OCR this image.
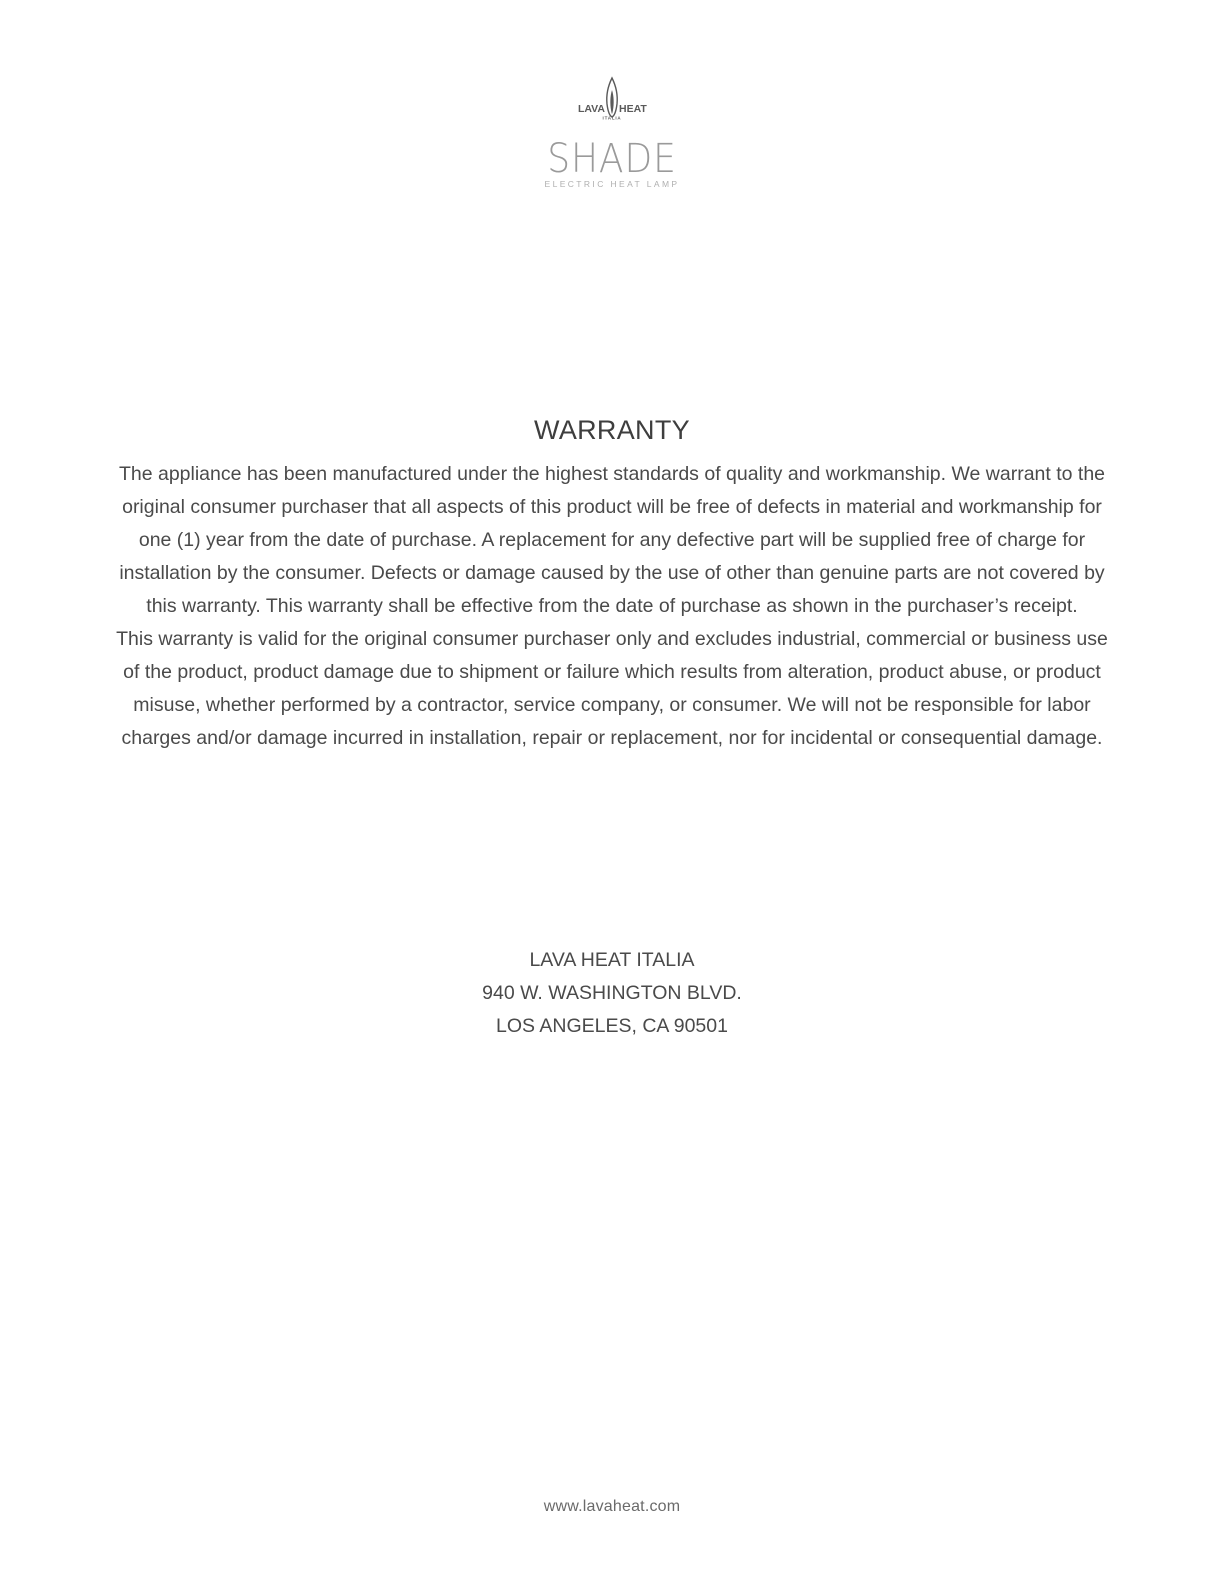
LAVA HEAT
ITALIA
SHADE
ELECTRIC HEAT LAMP
WARRANTY

The appliance has been manufactured under the highest standards of quality and workmanship. We warrant to the original consumer purchaser that all aspects of this product will be free of defects in material and workmanship for one (1) year from the date of purchase. A replacement for any defective part will be supplied free of charge for installation by the consumer. Defects or damage caused by the use of other than genuine parts are not covered by this warranty. This warranty shall be effective from the date of purchase as shown in the purchaser’s receipt.

This warranty is valid for the original consumer purchaser only and excludes industrial, commercial or business use of the product, product damage due to shipment or failure which results from alteration, product abuse, or product misuse, whether performed by a contractor, service company, or consumer. We will not be responsible for labor charges and/or damage incurred in installation, repair or replacement, nor for incidental or consequential damage.

LAVA HEAT ITALIA
940 W. WASHINGTON BLVD.
LOS ANGELES, CA 90501
www.lavaheat.com
